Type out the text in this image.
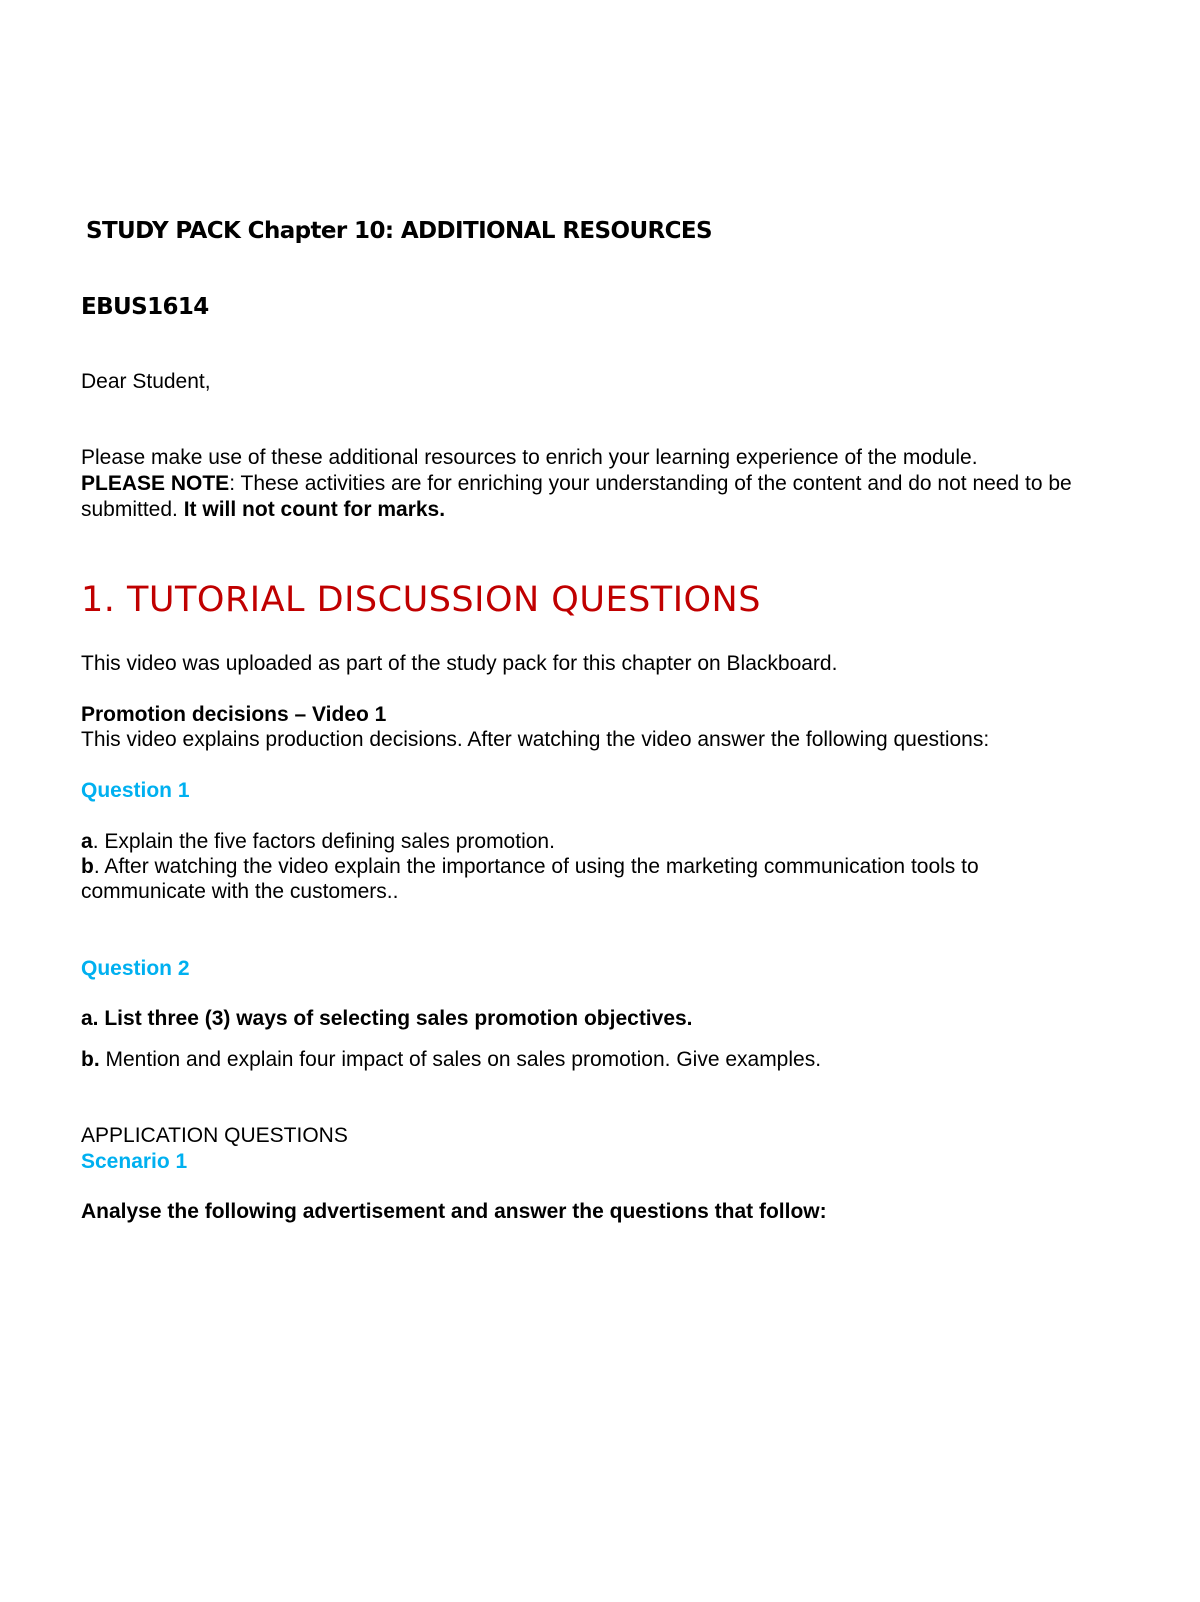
STUDY PACK Chapter 10: ADDITIONAL RESOURCES
EBUS1614
Dear Student,
Please make use of these additional resources to enrich your learning experience of the module.
PLEASE NOTE: These activities are for enriching your understanding of the content and do not need to be
submitted. It will not count for marks.
1. TUTORIAL DISCUSSION QUESTIONS
This video was uploaded as part of the study pack for this chapter on Blackboard.
Promotion decisions – Video 1
This video explains production decisions. After watching the video answer the following questions:
Question 1
a. Explain the five factors defining sales promotion.
b. After watching the video explain the importance of using the marketing communication tools to
communicate with the customers..
Question 2
a. List three (3) ways of selecting sales promotion objectives.
b. Mention and explain four impact of sales on sales promotion. Give examples.
APPLICATION QUESTIONS
Scenario 1
Analyse the following advertisement and answer the questions that follow:
